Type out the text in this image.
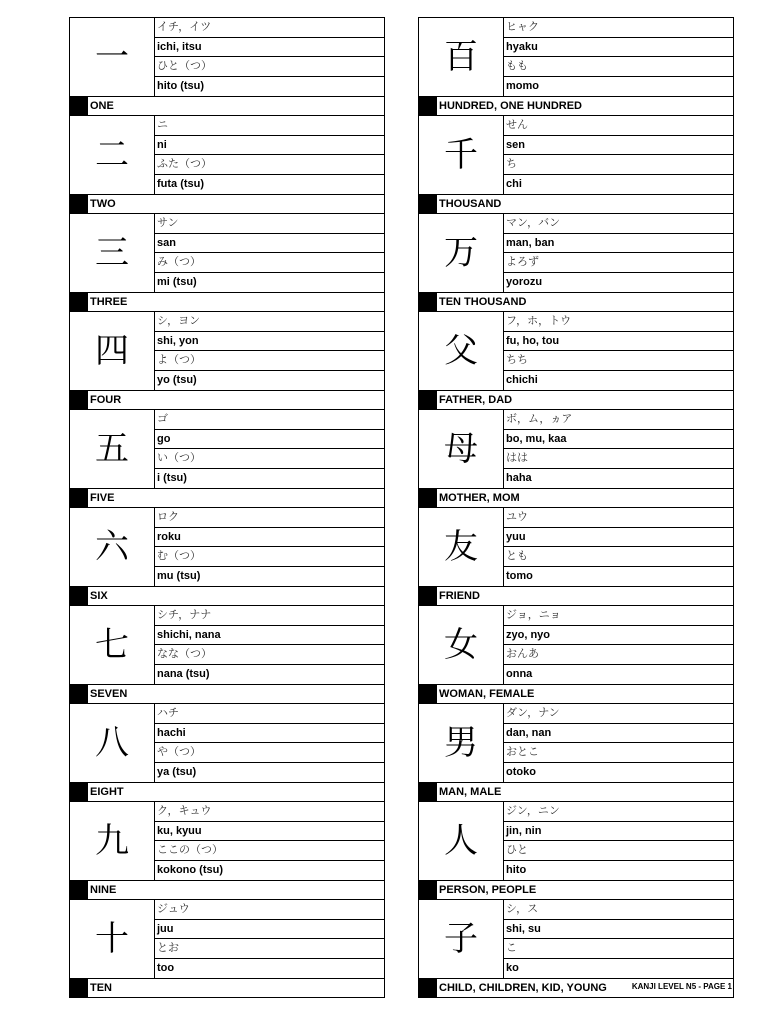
一
イチ，イツ
ichi, itsu
ひと（つ）
hito (tsu)
ONE
二
ニ
ni
ふた（つ）
futa (tsu)
TWO
三
サン
san
み（つ）
mi (tsu)
THREE
四
シ，ヨン
shi, yon
よ（つ）
yo (tsu)
FOUR
五
ゴ
go
い（つ）
i (tsu)
FIVE
六
ロク
roku
む（つ）
mu (tsu)
SIX
七
シチ，ナナ
shichi, nana
なな（つ）
nana (tsu)
SEVEN
八
ハチ
hachi
や（つ）
ya (tsu)
EIGHT
九
ク，キュウ
ku, kyuu
ここの（つ）
kokono (tsu)
NINE
十
ジュウ
juu
とお
too
TEN
百
ヒャク
hyaku
もも
momo
HUNDRED, ONE HUNDRED
千
せん
sen
ち
chi
THOUSAND
万
マン，バン
man, ban
よろず
yorozu
TEN THOUSAND
父
フ，ホ，トウ
fu, ho, tou
ちち
chichi
FATHER, DAD
母
ボ，ム，ヵア
bo, mu, kaa
はは
haha
MOTHER, MOM
友
ユウ
yuu
とも
tomo
FRIEND
女
ジョ，ニョ
zyo, nyo
おんあ
onna
WOMAN, FEMALE
男
ダン，ナン
dan, nan
おとこ
otoko
MAN, MALE
人
ジン，ニン
jin, nin
ひと
hito
PERSON, PEOPLE
子
シ，ス
shi, su
こ
ko
CHILD, CHILDREN, KID, YOUNG	KANJI LEVEL N5 - PAGE 1
